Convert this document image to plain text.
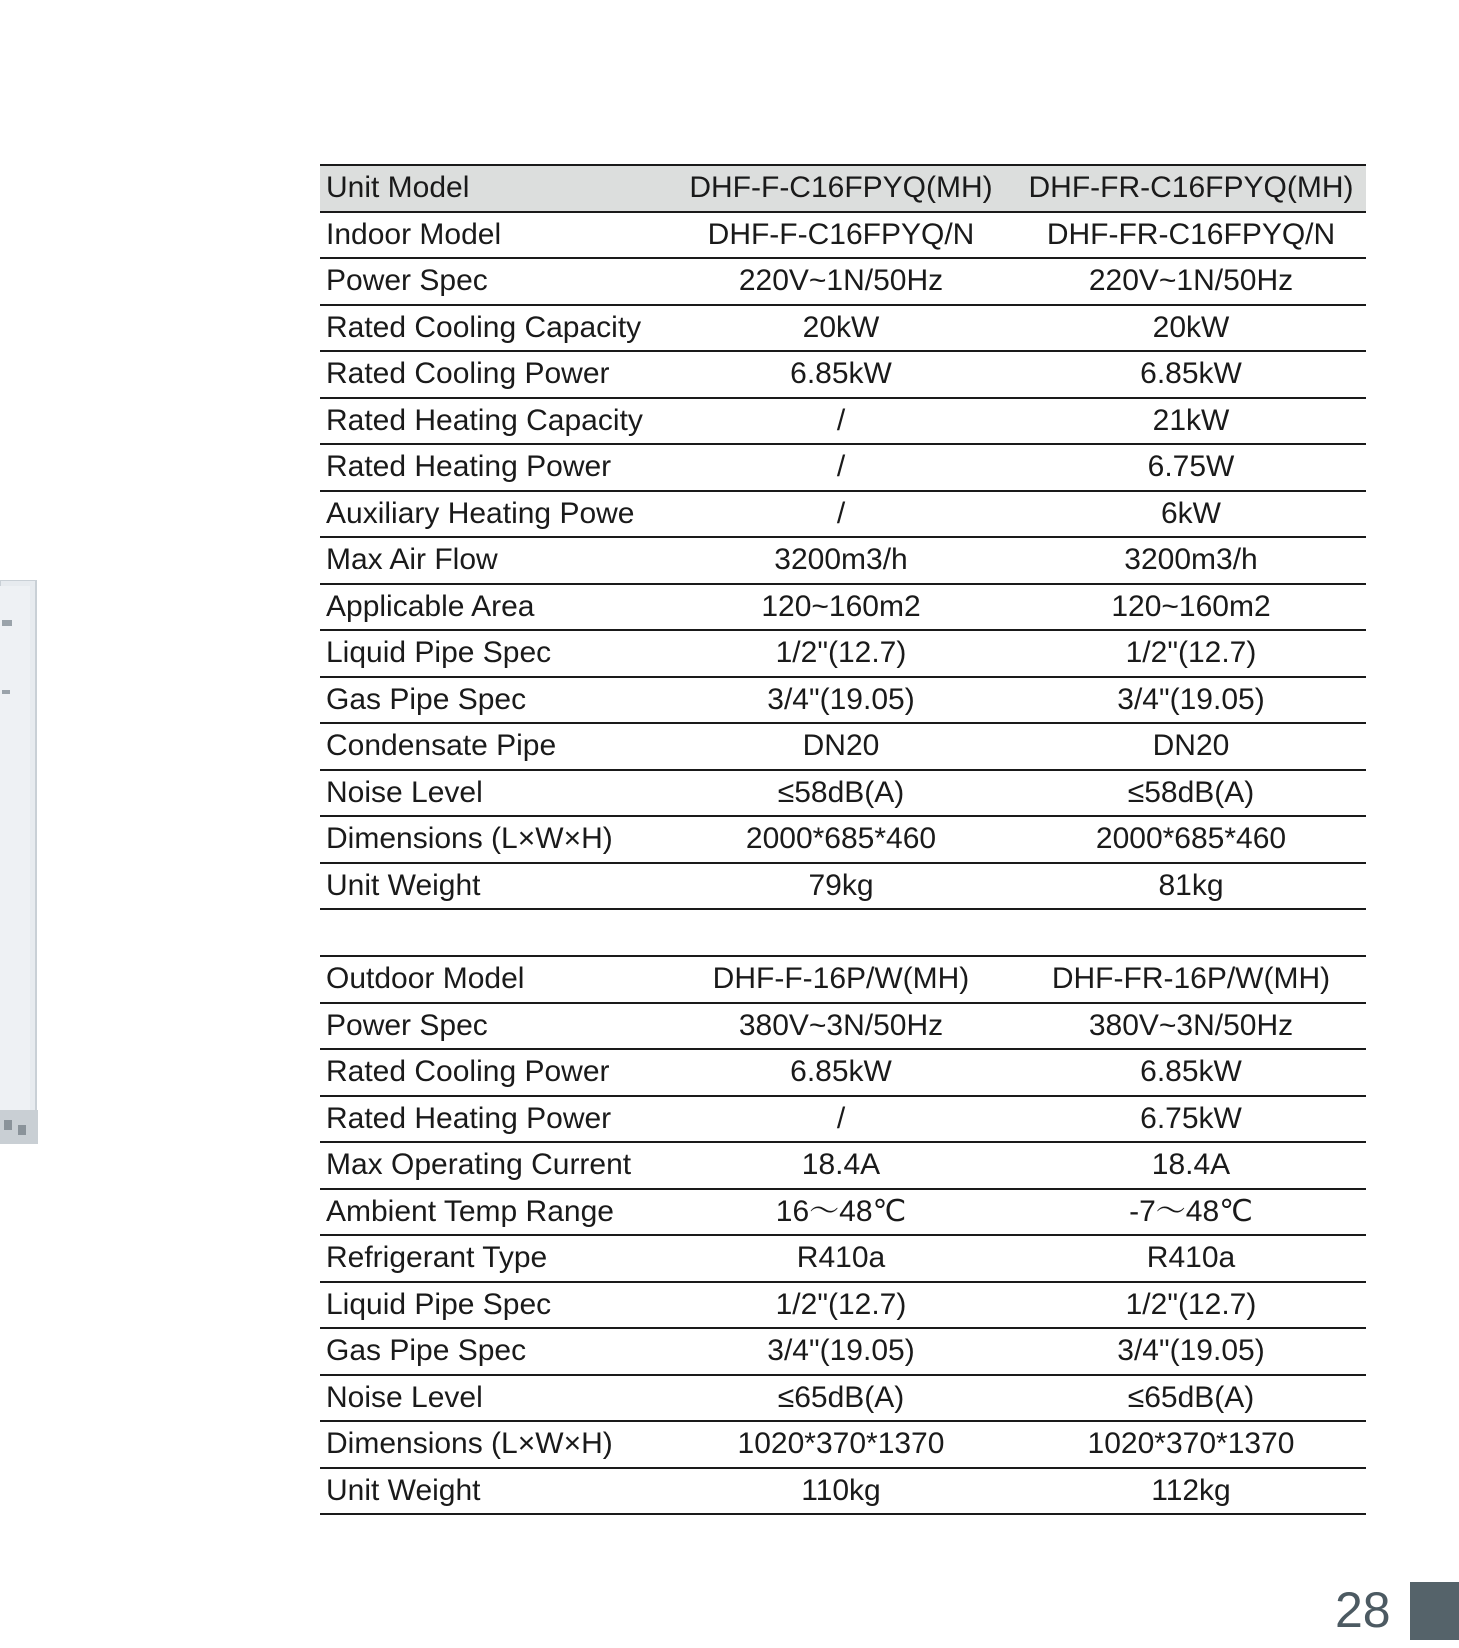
Unit Model	DHF-F-C16FPYQ(MH)	DHF-FR-C16FPYQ(MH)
Indoor Model	DHF-F-C16FPYQ/N	DHF-FR-C16FPYQ/N
Power Spec	220V~1N/50Hz	220V~1N/50Hz
Rated Cooling Capacity	20kW	20kW
Rated Cooling Power	6.85kW	6.85kW
Rated Heating Capacity	/	21kW
Rated Heating Power	/	6.75W
Auxiliary Heating Powe	/	6kW
Max Air Flow	3200m3/h	3200m3/h
Applicable Area	120~160m2	120~160m2
Liquid Pipe Spec	1/2"(12.7)	1/2"(12.7)
Gas Pipe Spec	3/4"(19.05)	3/4"(19.05)
Condensate Pipe	DN20	DN20
Noise Level	≤58dB(A)	≤58dB(A)
Dimensions (L×W×H)	2000*685*460	2000*685*460
Unit Weight	79kg	81kg
Outdoor Model	DHF-F-16P/W(MH)	DHF-FR-16P/W(MH)
Power Spec	380V~3N/50Hz	380V~3N/50Hz
Rated Cooling Power	6.85kW	6.85kW
Rated Heating Power	/	6.75kW
Max Operating Current	18.4A	18.4A
Ambient Temp Range	16～48℃	-7～48℃
Refrigerant Type	R410a	R410a
Liquid Pipe Spec	1/2"(12.7)	1/2"(12.7)
Gas Pipe Spec	3/4"(19.05)	3/4"(19.05)
Noise Level	≤65dB(A)	≤65dB(A)
Dimensions (L×W×H)	1020*370*1370	1020*370*1370
Unit Weight	110kg	112kg
28
